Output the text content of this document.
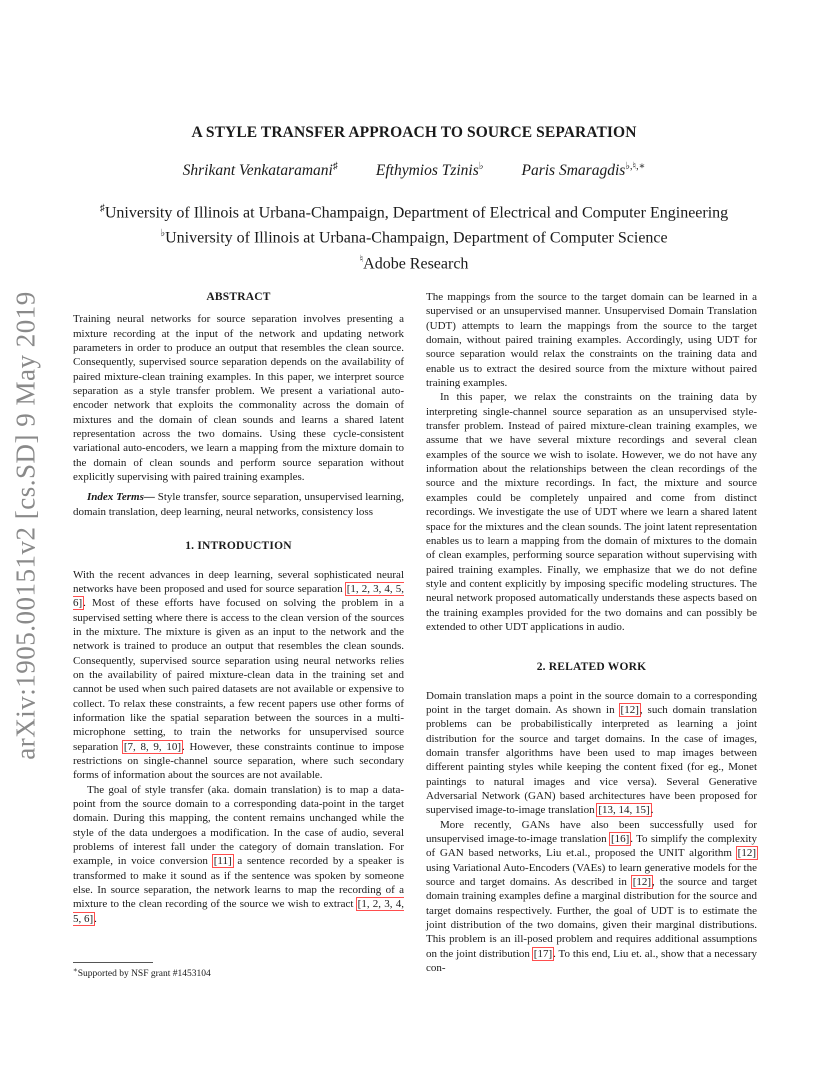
arXiv:1905.00151v2 [cs.SD] 9 May 2019
A STYLE TRANSFER APPROACH TO SOURCE SEPARATION
Shrikant Venkataramani♯ Efthymios Tzinis♭ Paris Smaragdis♭,♮,∗
♯University of Illinois at Urbana-Champaign, Department of Electrical and Computer Engineering
♭University of Illinois at Urbana-Champaign, Department of Computer Science
♮Adobe Research
ABSTRACT

Training neural networks for source separation involves presenting a mixture recording at the input of the network and updating network parameters in order to produce an output that resembles the clean source. Consequently, supervised source separation depends on the availability of paired mixture-clean training examples. In this paper, we interpret source separation as a style transfer problem. We present a variational auto-encoder network that exploits the commonality across the domain of mixtures and the domain of clean sounds and learns a shared latent representation across the two domains. Using these cycle-consistent variational auto-encoders, we learn a mapping from the mixture domain to the domain of clean sounds and perform source separation without explicitly supervising with paired training examples.

Index Terms— Style transfer, source separation, unsupervised learning, domain translation, deep learning, neural networks, consistency loss

1. INTRODUCTION

With the recent advances in deep learning, several sophisticated neural networks have been proposed and used for source separation [1, 2, 3, 4, 5, 6]. Most of these efforts have focused on solving the problem in a supervised setting where there is access to the clean version of the sources in the mixture. The mixture is given as an input to the network and the network is trained to produce an output that resembles the clean sounds. Consequently, supervised source separation using neural networks relies on the availability of paired mixture-clean data in the training set and cannot be used when such paired datasets are not available or expensive to collect. To relax these constraints, a few recent papers use other forms of information like the spatial separation between the sources in a multi-microphone setting, to train the networks for unsupervised source separation [7, 8, 9, 10]. However, these constraints continue to impose restrictions on single-channel source separation, where such secondary forms of information about the sources are not available.

The goal of style transfer (aka. domain translation) is to map a data-point from the source domain to a corresponding data-point in the target domain. During this mapping, the content remains unchanged while the style of the data undergoes a modification. In the case of audio, several problems of interest fall under the category of domain translation. For example, in voice conversion [11] a sentence recorded by a speaker is transformed to make it sound as if the sentence was spoken by someone else. In source separation, the network learns to map the recording of a mixture to the clean recording of the source we wish to extract [1, 2, 3, 4, 5, 6].

The mappings from the source to the target domain can be learned in a supervised or an unsupervised manner. Unsupervised Domain Translation (UDT) attempts to learn the mappings from the source to the target domain, without paired training examples. Accordingly, using UDT for source separation would relax the constraints on the training data and enable us to extract the desired source from the mixture without paired training examples.

In this paper, we relax the constraints on the training data by interpreting single-channel source separation as an unsupervised style-transfer problem. Instead of paired mixture-clean training examples, we assume that we have several mixture recordings and several clean examples of the source we wish to isolate. However, we do not have any information about the relationships between the clean recordings of the source and the mixture recordings. In fact, the mixture and source examples could be completely unpaired and come from distinct recordings. We investigate the use of UDT where we learn a shared latent space for the mixtures and the clean sounds. The joint latent representation enables us to learn a mapping from the domain of mixtures to the domain of clean examples, performing source separation without supervising with paired training examples. Finally, we emphasize that we do not define style and content explicitly by imposing specific modeling structures. The neural network proposed automatically understands these aspects based on the training examples provided for the two domains and can possibly be extended to other UDT applications in audio.

2. RELATED WORK

Domain translation maps a point in the source domain to a corresponding point in the target domain. As shown in [12], such domain translation problems can be probabilistically interpreted as learning a joint distribution for the source and target domains. In the case of images, domain transfer algorithms have been used to map images between different painting styles while keeping the content fixed (for eg., Monet paintings to natural images and vice versa). Several Generative Adversarial Network (GAN) based architectures have been proposed for supervised image-to-image translation [13, 14, 15].

More recently, GANs have also been successfully used for unsupervised image-to-image translation [16]. To simplify the complexity of GAN based networks, Liu et.al., proposed the UNIT algorithm [12] using Variational Auto-Encoders (VAEs) to learn generative models for the source and target domains. As described in [12], the source and target domain training examples define a marginal distribution for the source and target domains respectively. Further, the goal of UDT is to estimate the joint distribution of the two domains, given their marginal distributions. This problem is an ill-posed problem and requires additional assumptions on the joint distribution [17]. To this end, Liu et. al., show that a necessary con-

∗Supported by NSF grant #1453104
